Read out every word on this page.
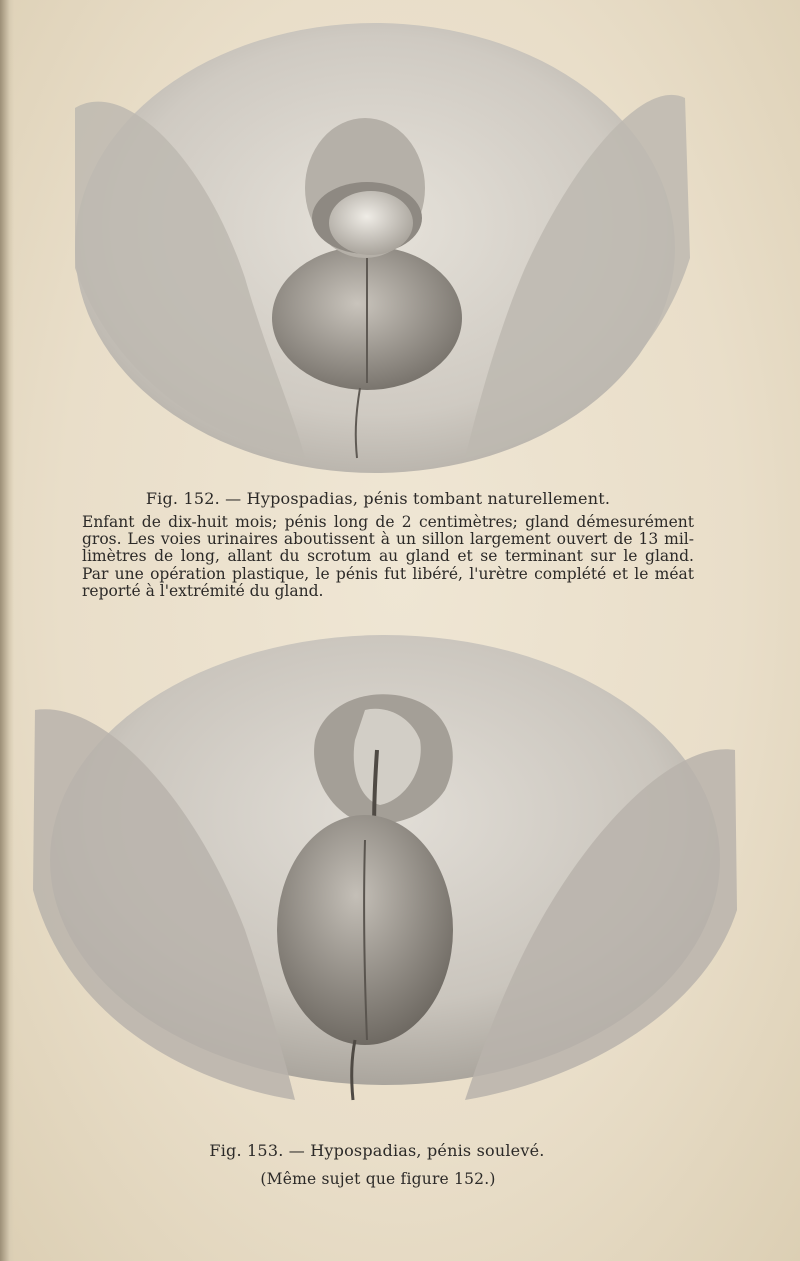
Fig. 152. — Hypospadias, pénis tombant naturellement.
Enfant de dix-huit mois; pénis long de 2 centimètres; gland démesurément
gros. Les voies urinaires aboutissent à un sillon largement ouvert de 13 mil-
limètres de long, allant du scrotum au gland et se terminant sur le gland.
Par une opération plastique, le pénis fut libéré, l'urètre complété et le méat
reporté à l'extrémité du gland.
Fig. 153. — Hypospadias, pénis soulevé.
(Même sujet que figure 152.)
